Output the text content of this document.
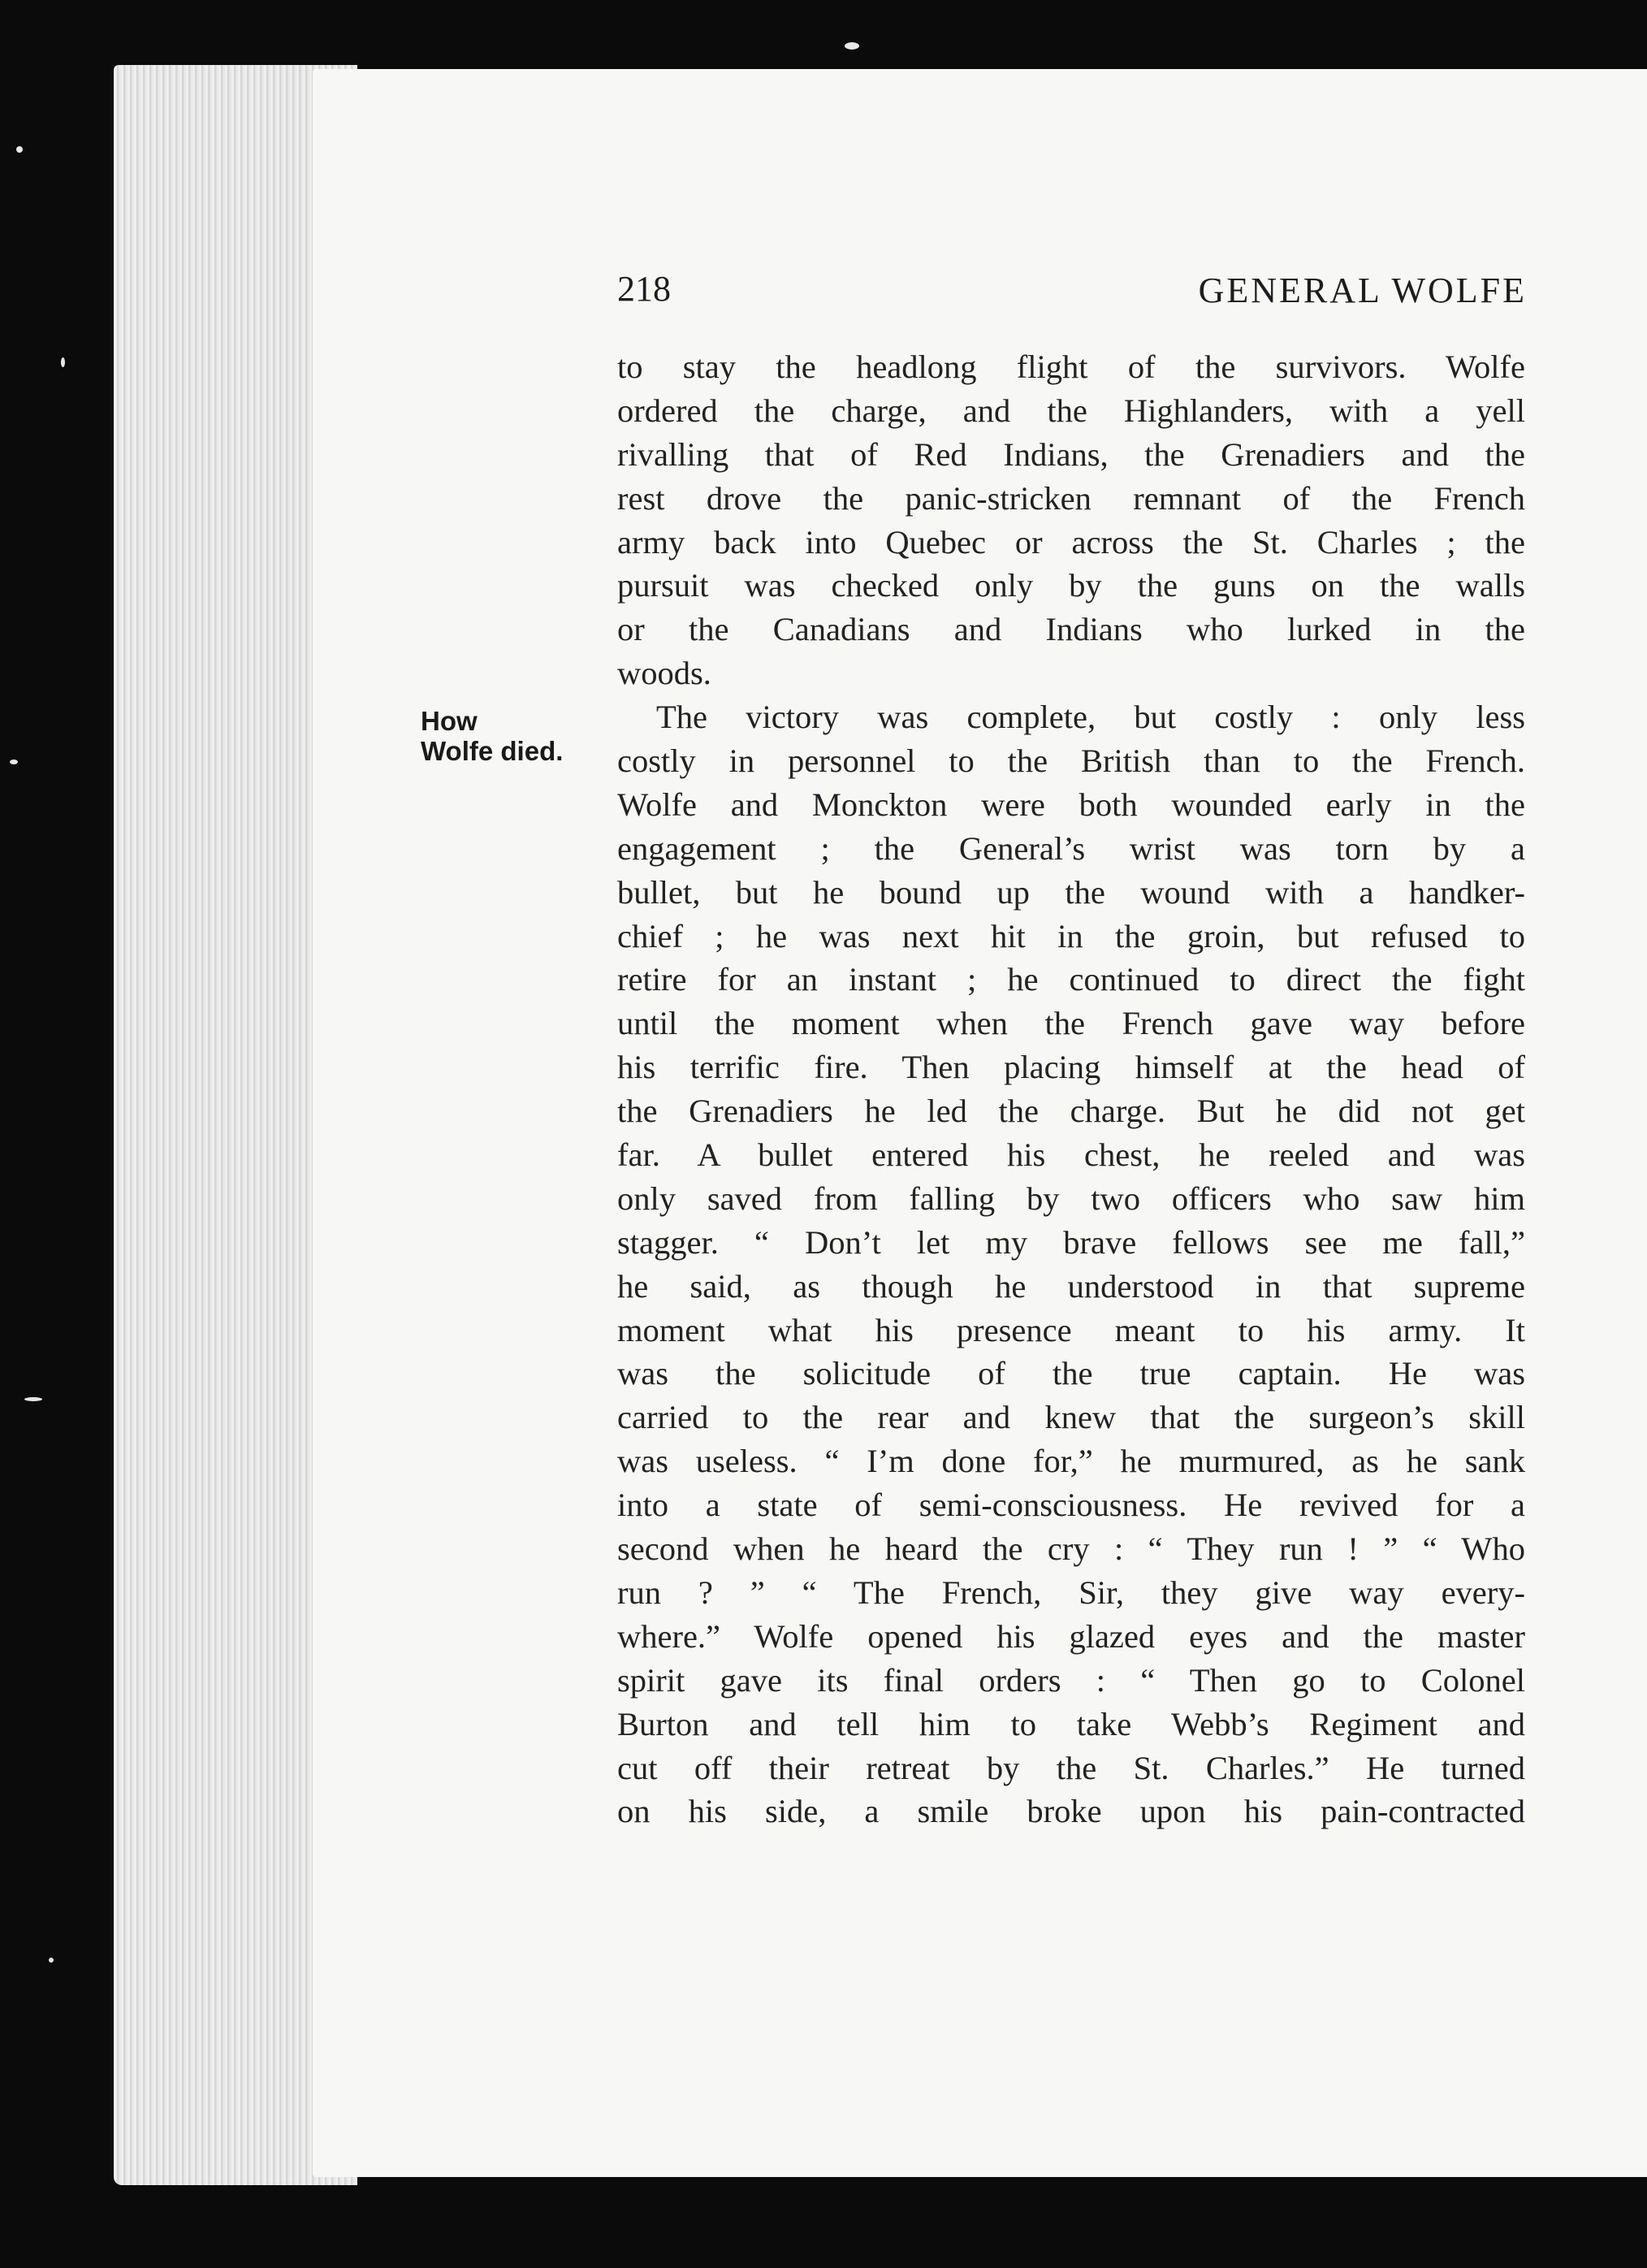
218	GENERAL WOLFE
How
Wolfe died.
to stay the headlong flight of the survivors. Wolfe
ordered the charge, and the Highlanders, with a yell
rivalling that of Red Indians, the Grenadiers and the
rest drove the panic-stricken remnant of the French
army back into Quebec or across the St. Charles ; the
pursuit was checked only by the guns on the walls
or the Canadians and Indians who lurked in the
woods.
The victory was complete, but costly : only less
costly in personnel to the British than to the French.
Wolfe and Monckton were both wounded early in the
engagement ; the General’s wrist was torn by a
bullet, but he bound up the wound with a handker-
chief ; he was next hit in the groin, but refused to
retire for an instant ; he continued to direct the fight
until the moment when the French gave way before
his terrific fire. Then placing himself at the head of
the Grenadiers he led the charge. But he did not get
far. A bullet entered his chest, he reeled and was
only saved from falling by two officers who saw him
stagger. “ Don’t let my brave fellows see me fall,”
he said, as though he understood in that supreme
moment what his presence meant to his army. It
was the solicitude of the true captain. He was
carried to the rear and knew that the surgeon’s skill
was useless. “ I’m done for,” he murmured, as he sank
into a state of semi-consciousness. He revived for a
second when he heard the cry : “ They run ! ” “ Who
run ? ” “ The French, Sir, they give way every-
where.” Wolfe opened his glazed eyes and the master
spirit gave its final orders : “ Then go to Colonel
Burton and tell him to take Webb’s Regiment and
cut off their retreat by the St. Charles.” He turned
on his side, a smile broke upon his pain-contracted
